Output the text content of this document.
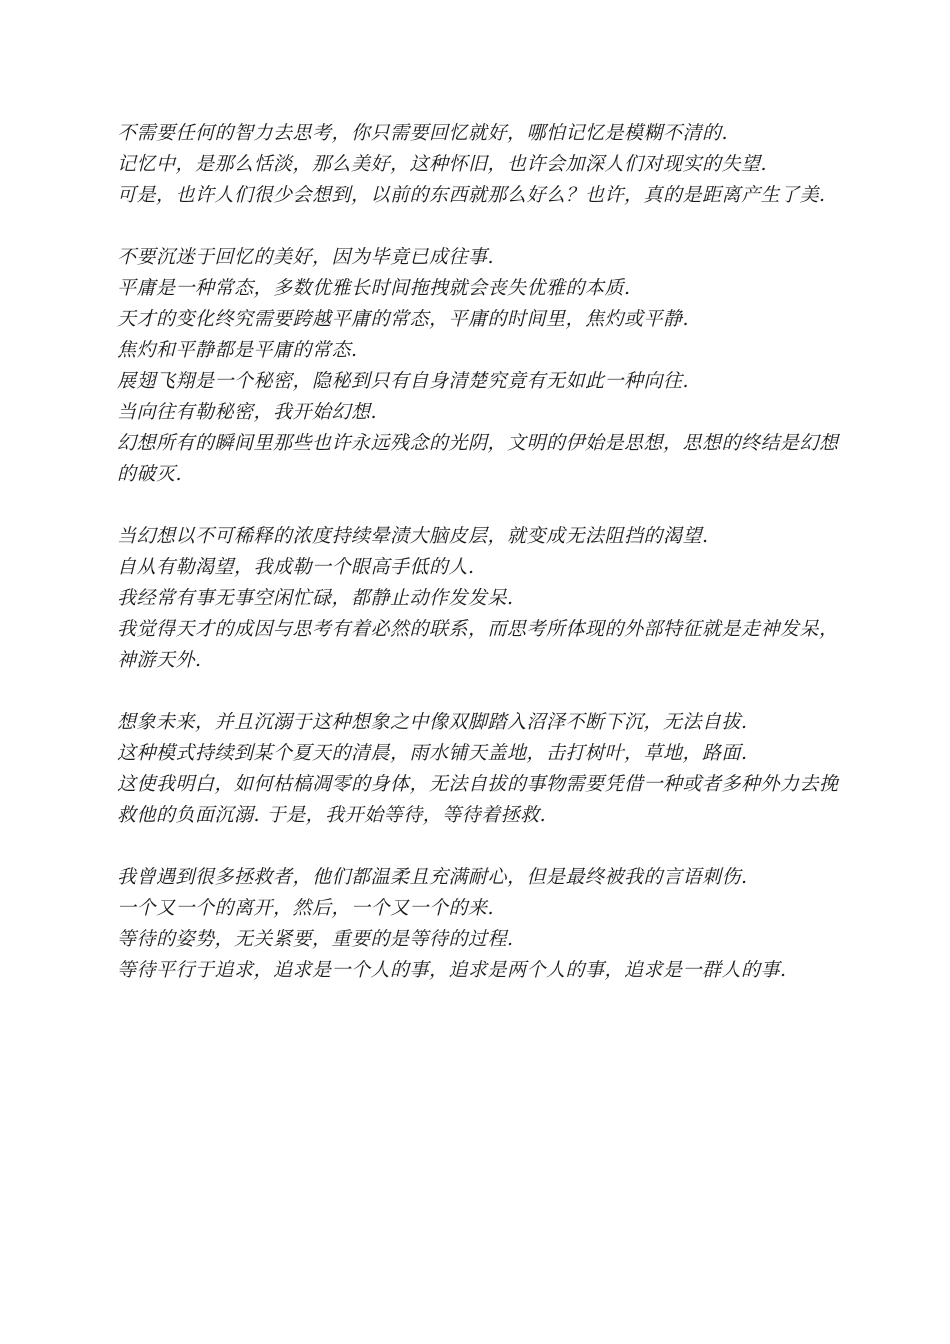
不需要任何的智力去思考，你只需要回忆就好，哪怕记忆是模糊不清的.
记忆中，是那么恬淡，那么美好，这种怀旧，也许会加深人们对现实的失望.
可是，也许人们很少会想到，以前的东西就那么好么？也许，真的是距离产生了美.
不要沉迷于回忆的美好，因为毕竟已成往事.
平庸是一种常态，多数优雅长时间拖拽就会丧失优雅的本质.
天才的变化终究需要跨越平庸的常态，平庸的时间里，焦灼或平静.
焦灼和平静都是平庸的常态.
展翅飞翔是一个秘密，隐秘到只有自身清楚究竟有无如此一种向往.
当向往有勒秘密，我开始幻想.
幻想所有的瞬间里那些也许永远残念的光阴，文明的伊始是思想，思想的终结是幻想的破灭.
当幻想以不可稀释的浓度持续晕渍大脑皮层，就变成无法阻挡的渴望.
自从有勒渴望，我成勒一个眼高手低的人.
我经常有事无事空闲忙碌，都静止动作发发呆.
我觉得天才的成因与思考有着必然的联系，而思考所体现的外部特征就是走神发呆，神游天外.
想象未来，并且沉溺于这种想象之中像双脚踏入沼泽不断下沉，无法自拔.
这种模式持续到某个夏天的清晨，雨水铺天盖地，击打树叶，草地，路面.
这使我明白，如何枯槁凋零的身体，无法自拔的事物需要凭借一种或者多种外力去挽救他的负面沉溺. 于是，我开始等待，等待着拯救.
我曾遇到很多拯救者，他们都温柔且充满耐心，但是最终被我的言语刺伤.
一个又一个的离开，然后，一个又一个的来.
等待的姿势，无关紧要，重要的是等待的过程.
等待平行于追求，追求是一个人的事，追求是两个人的事，追求是一群人的事.
